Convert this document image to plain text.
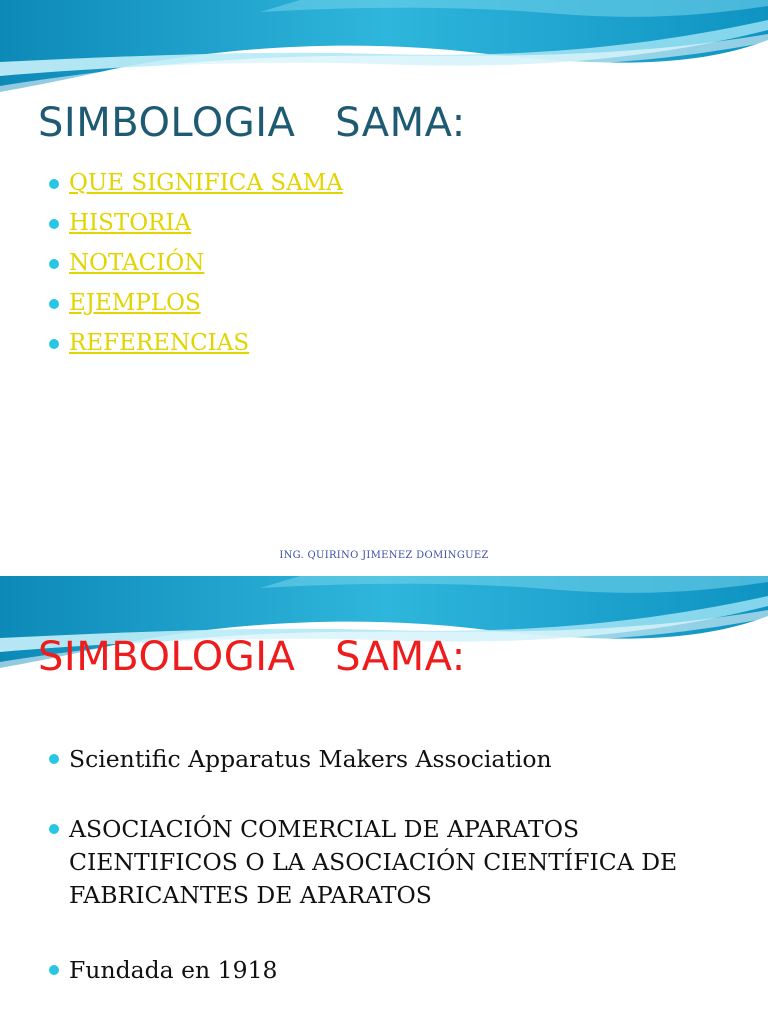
SIMBOLOGIA   SAMA:
QUE SIGNIFICA SAMA
HISTORIA
NOTACIÓN
EJEMPLOS
REFERENCIAS
ING. QUIRINO JIMENEZ DOMINGUEZ
SIMBOLOGIA   SAMA:
Scientific Apparatus Makers Association
ASOCIACIÓN COMERCIAL DE APARATOS
CIENTIFICOS O LA ASOCIACIÓN CIENTÍFICA DE
FABRICANTES DE APARATOS
Fundada en 1918
